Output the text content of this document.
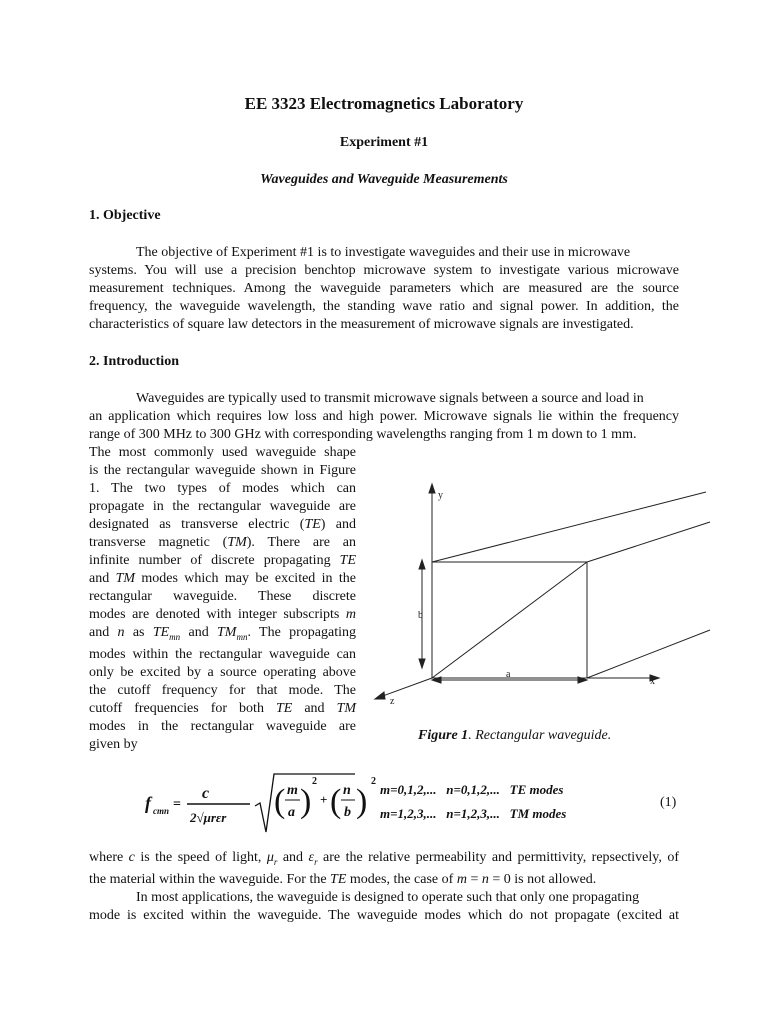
EE 3323 Electromagnetics Laboratory
Experiment #1
Waveguides and Waveguide Measurements
1. Objective
The objective of Experiment #1 is to investigate waveguides and their use in microwave
systems. You will use a precision benchtop microwave system to investigate various microwave
measurement techniques. Among the waveguide parameters which are measured are the source
frequency, the waveguide wavelength, the standing wave ratio and signal power. In addition, the
characteristics of square law detectors in the measurement of microwave signals are investigated.
2. Introduction
Waveguides are typically used to transmit microwave signals between a source and load in
an application which requires low loss and high power. Microwave signals lie within the frequency
range of 300 MHz to 300 GHz with corresponding wavelengths ranging from 1 m down to 1 mm.
The most commonly used waveguide shape
is the rectangular waveguide shown in Figure
1. The two types of modes which can
propagate in the rectangular waveguide are
designated as transverse electric (TE) and
transverse magnetic (TM). There are an
infinite number of discrete propagating TE
and TM modes which may be excited in the
rectangular waveguide. These discrete
modes are denoted with integer subscripts m
and n as $TE_{mn}$ and $TM_{mn}$. The propagating
modes within the rectangular waveguide can
only be excited by a source operating above
the cutoff frequency for that mode. The
cutoff frequencies for both TE and TM
modes in the rectangular waveguide are
given by
y
b
a
x
z
Figure 1. Rectangular waveguide.
f cmn =
c
2√μrεr ( m
a )
2
+ ( n
b )
2
m=0,1,2,...   n=0,1,2,...   TE modes
m=1,2,3,...   n=1,2,3,...   TM modes
(1)
where c is the speed of light, $\mu_r$ and $\varepsilon_r$ are the relative permeability and permittivity, repsectively, of
the material within the waveguide. For the TE modes, the case of m = n = 0 is not allowed.
In most applications, the waveguide is designed to operate such that only one propagating
mode is excited within the waveguide. The waveguide modes which do not propagate (excited at
